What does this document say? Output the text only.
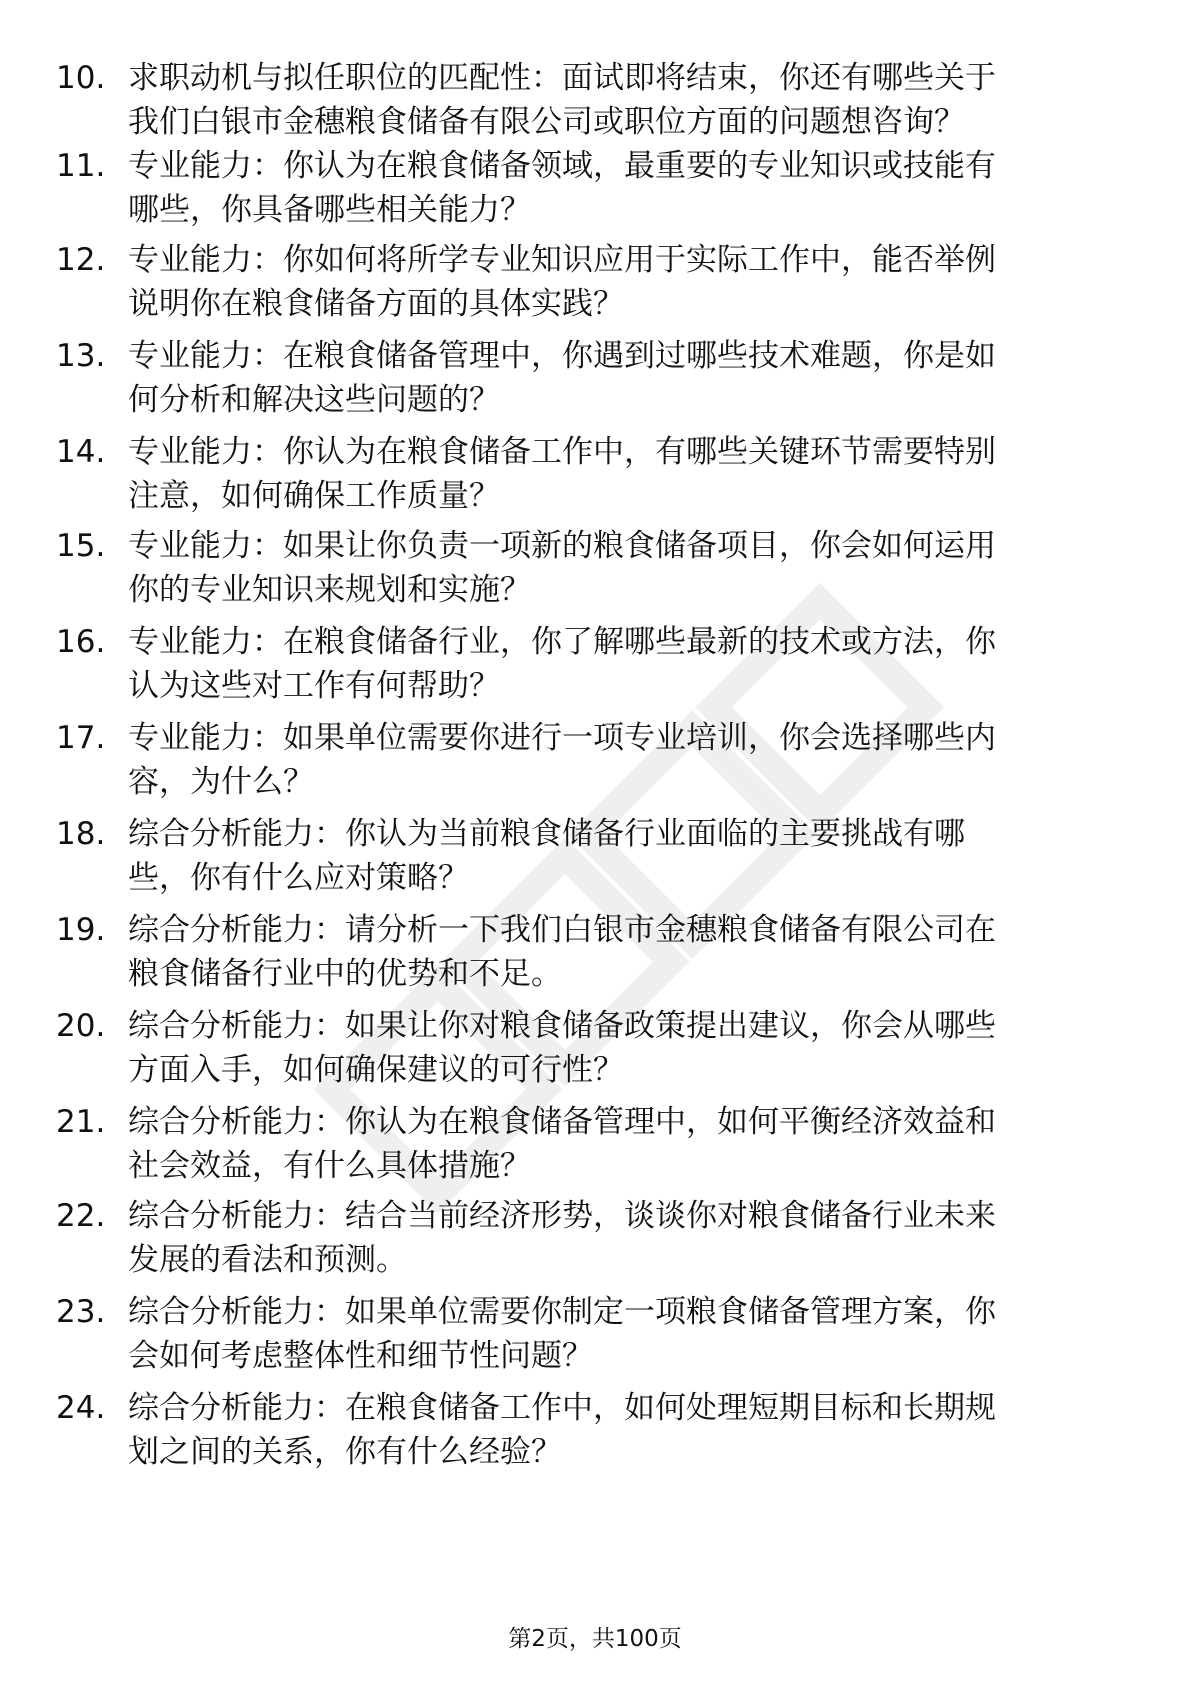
10. 求职动机与拟任职位的匹配性：面试即将结束，你还有哪些关于
我们白银市金穗粮食储备有限公司或职位方面的问题想咨询？
11. 专业能力：你认为在粮食储备领域，最重要的专业知识或技能有
哪些，你具备哪些相关能力？
12. 专业能力：你如何将所学专业知识应用于实际工作中，能否举例
说明你在粮食储备方面的具体实践？
13. 专业能力：在粮食储备管理中，你遇到过哪些技术难题，你是如
何分析和解决这些问题的？
14. 专业能力：你认为在粮食储备工作中，有哪些关键环节需要特别
注意，如何确保工作质量？
15. 专业能力：如果让你负责一项新的粮食储备项目，你会如何运用
你的专业知识来规划和实施？
16. 专业能力：在粮食储备行业，你了解哪些最新的技术或方法，你
认为这些对工作有何帮助？
17. 专业能力：如果单位需要你进行一项专业培训，你会选择哪些内
容，为什么？
18. 综合分析能力：你认为当前粮食储备行业面临的主要挑战有哪
些，你有什么应对策略？
19. 综合分析能力：请分析一下我们白银市金穗粮食储备有限公司在
粮食储备行业中的优势和不足。
20. 综合分析能力：如果让你对粮食储备政策提出建议，你会从哪些
方面入手，如何确保建议的可行性？
21. 综合分析能力：你认为在粮食储备管理中，如何平衡经济效益和
社会效益，有什么具体措施？
22. 综合分析能力：结合当前经济形势，谈谈你对粮食储备行业未来
发展的看法和预测。
23. 综合分析能力：如果单位需要你制定一项粮食储备管理方案，你
会如何考虑整体性和细节性问题？
24. 综合分析能力：在粮食储备工作中，如何处理短期目标和长期规
划之间的关系，你有什么经验？
第2页，共100页
